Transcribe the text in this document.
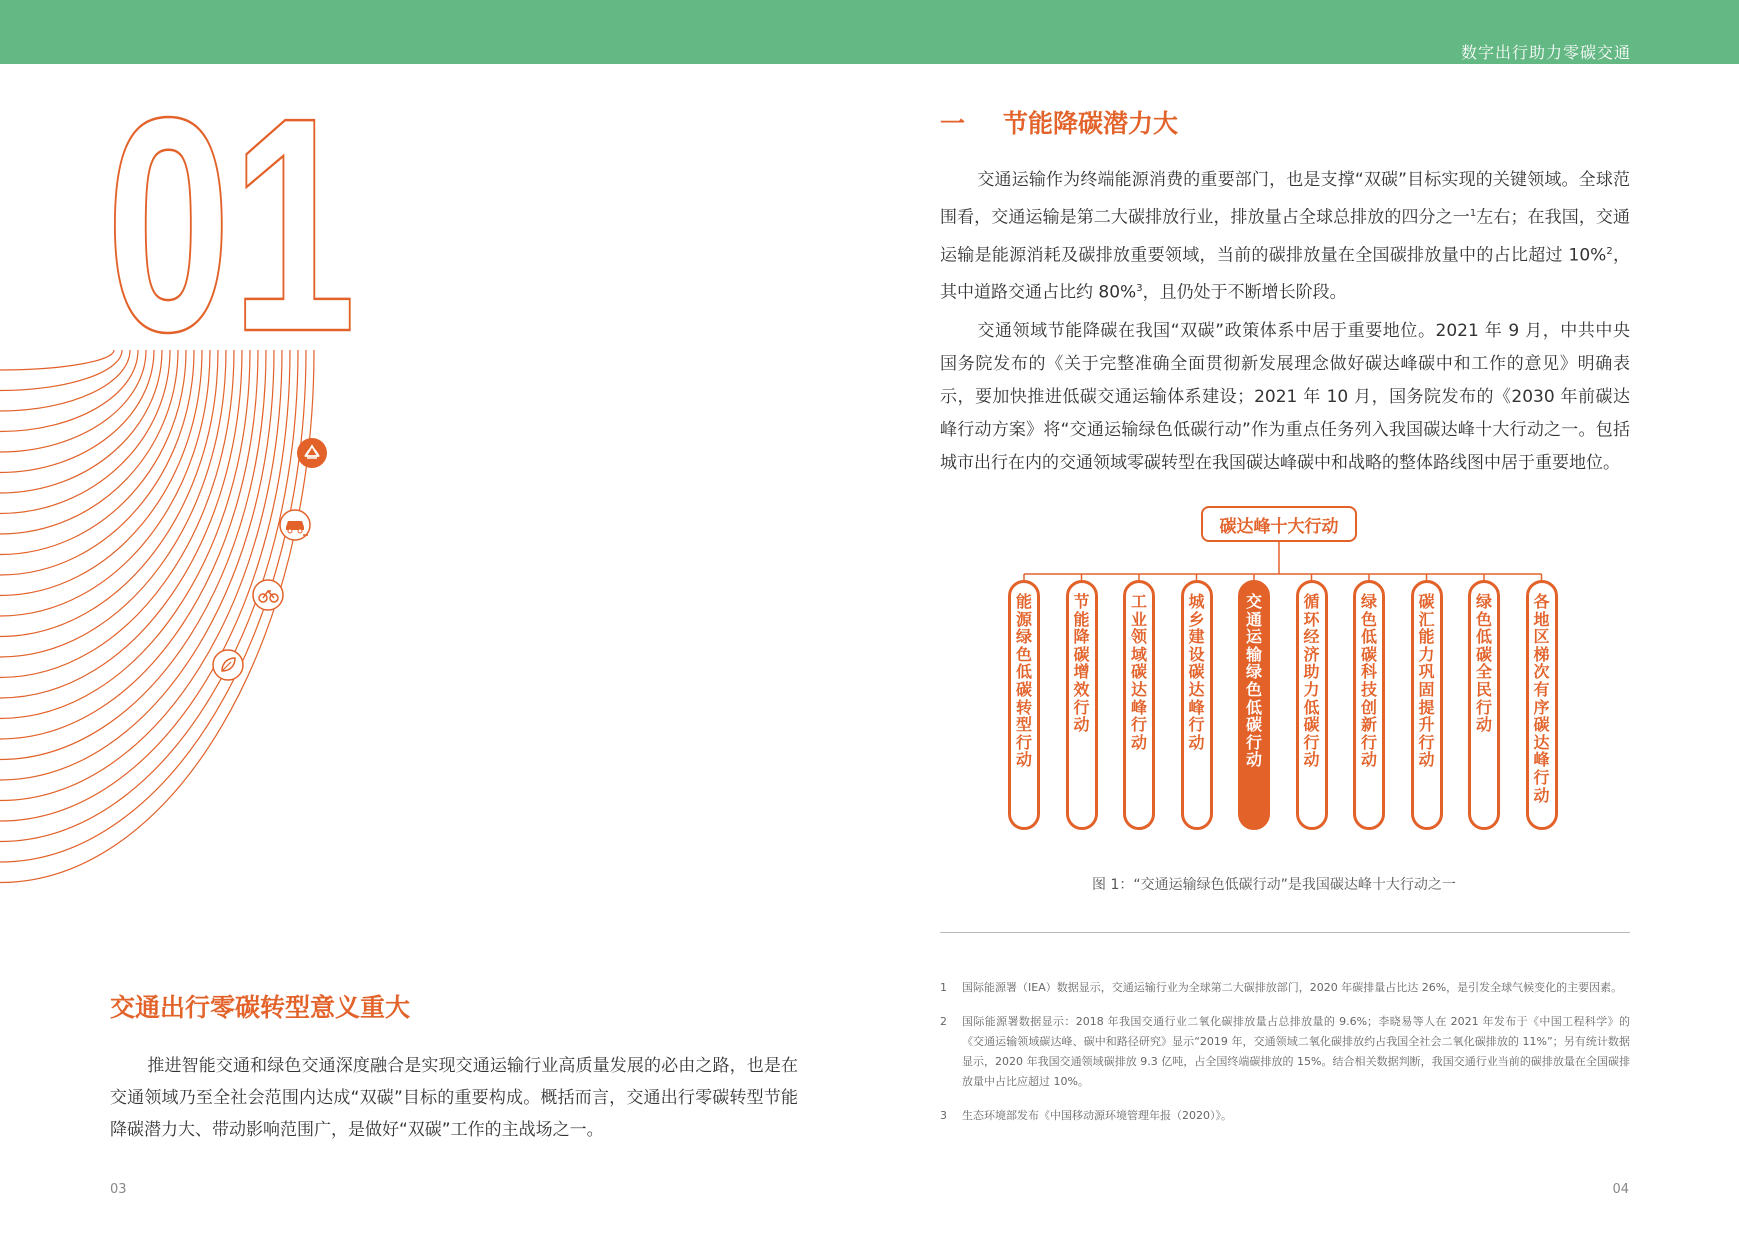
数字出行助力零碳交通
01
交通出行零碳转型意义重大

推进智能交通和绿色交通深度融合是实现交通运输行业高质量发展的必由之路，也是在交通领域乃至全社会范围内达成“双碳”目标的重要构成。概括而言，交通出行零碳转型节能降碳潜力大、带动影响范围广，是做好“双碳”工作的主战场之一。

03
一 节能降碳潜力大

交通运输作为终端能源消费的重要部门，也是支撑“双碳”目标实现的关键领域。全球范围看，交通运输是第二大碳排放行业，排放量占全球总排放的四分之一$^1$左右；在我国，交通运输是能源消耗及碳排放重要领域，当前的碳排放量在全国碳排放量中的占比超过 10%$^2$，其中道路交通占比约 80%$^3$，且仍处于不断增长阶段。

交通领域节能降碳在我国“双碳”政策体系中居于重要地位。2021 年 9 月，中共中央 国务院发布的《关于完整准确全面贯彻新发展理念做好碳达峰碳中和工作的意见》明确表示，要加快推进低碳交通运输体系建设；2021 年 10 月，国务院发布的《2030 年前碳达峰行动方案》将“交通运输绿色低碳行动”作为重点任务列入我国碳达峰十大行动之一。包括城市出行在内的交通领域零碳转型在我国碳达峰碳中和战略的整体路线图中居于重要地位。

碳达峰十大行动
能
源
绿
色
低
碳
转
型
行
动
节
能
降
碳
增
效
行
动
工
业
领
域
碳
达
峰
行
动
城
乡
建
设
碳
达
峰
行
动
交
通
运
输
绿
色
低
碳
行
动
循
环
经
济
助
力
低
碳
行
动
绿
色
低
碳
科
技
创
新
行
动
碳
汇
能
力
巩
固
提
升
行
动
绿
色
低
碳
全
民
行
动
各
地
区
梯
次
有
序
碳
达
峰
行
动
图 1：“交通运输绿色低碳行动”是我国碳达峰十大行动之一
1	国际能源署（IEA）数据显示，交通运输行业为全球第二大碳排放部门，2020 年碳排量占比达 26%，是引发全球气候变化的主要因素。
2	国际能源署数据显示：2018 年我国交通行业二氧化碳排放量占总排放量的 9.6%；李晓易等人在 2021 年发布于《中国工程科学》的《交通运输领域碳达峰、碳中和路径研究》显示“2019 年，交通领域二氧化碳排放约占我国全社会二氧化碳排放的 11%”；另有统计数据显示，2020 年我国交通领域碳排放 9.3 亿吨，占全国终端碳排放的 15%。结合相关数据判断，我国交通行业当前的碳排放量在全国碳排放量中占比应超过 10%。
3	生态环境部发布《中国移动源环境管理年报（2020）》。
04
